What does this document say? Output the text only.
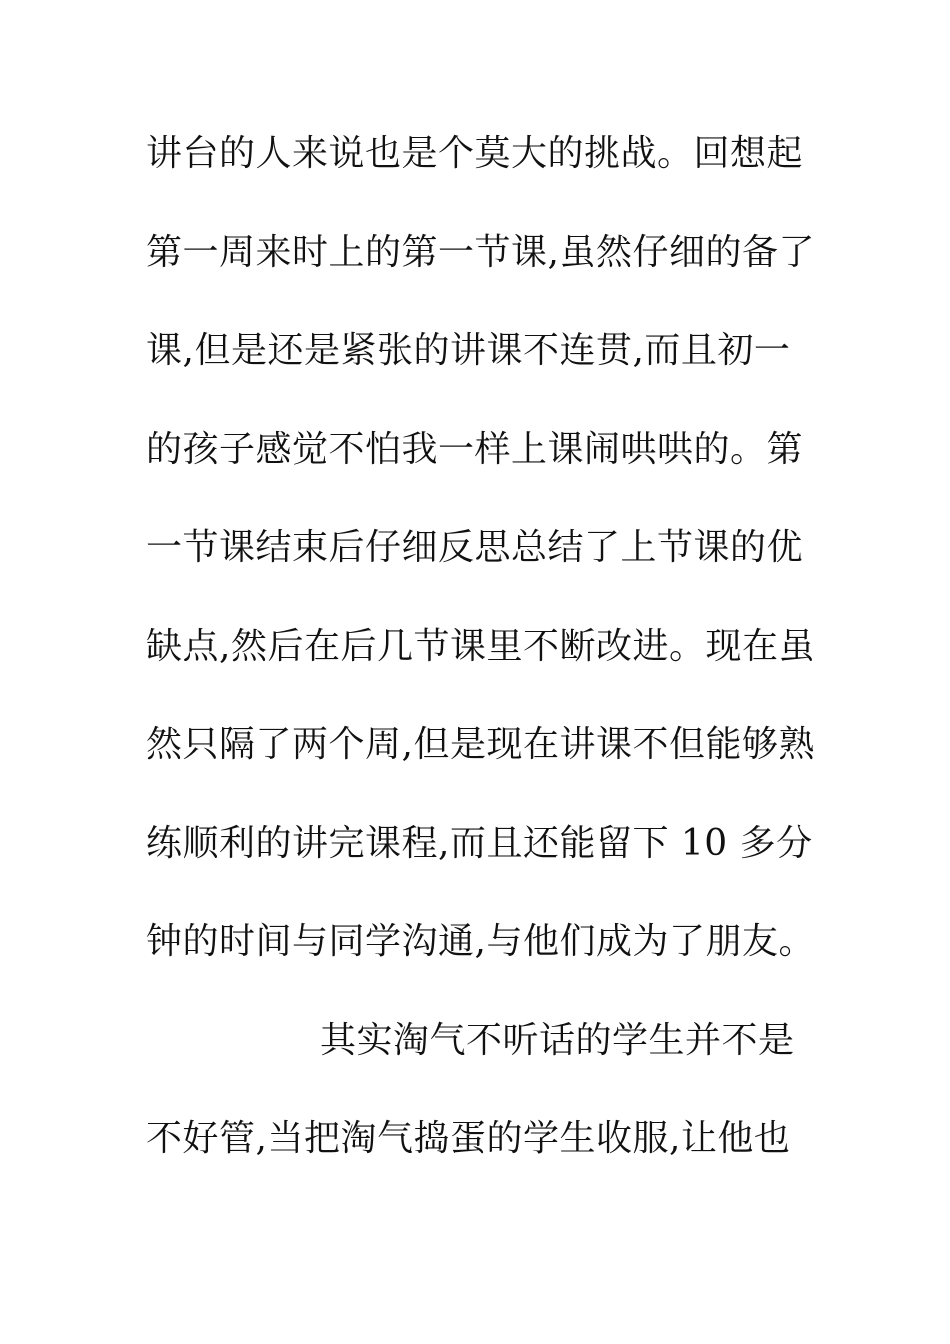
讲台的人来说也是个莫大的挑战。回想起
第一周来时上的第一节课,虽然仔细的备了
课,但是还是紧张的讲课不连贯,而且初一
的孩子感觉不怕我一样上课闹哄哄的。第
一节课结束后仔细反思总结了上节课的优
缺点,然后在后几节课里不断改进。现在虽
然只隔了两个周,但是现在讲课不但能够熟
练顺利的讲完课程,而且还能留下 10 多分
钟的时间与同学沟通,与他们成为了朋友。
其实淘气不听话的学生并不是
不好管,当把淘气捣蛋的学生收服,让他也
